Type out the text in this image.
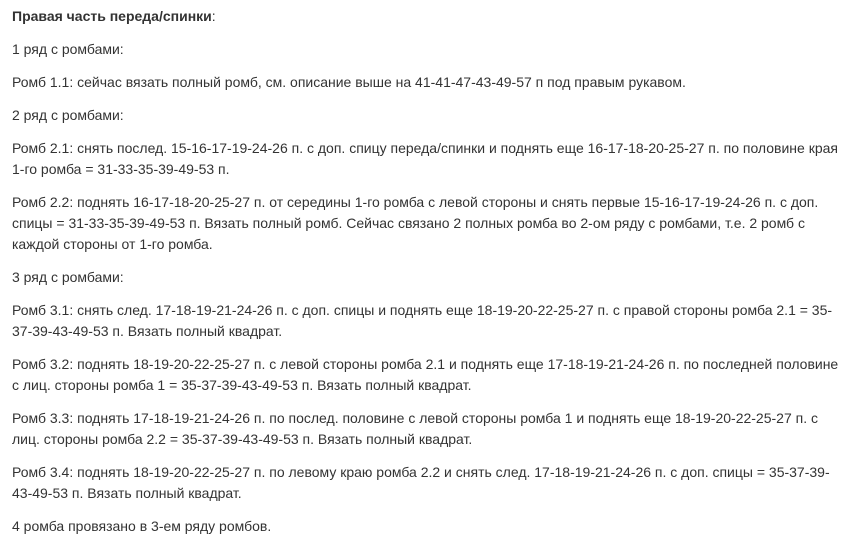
Правая часть переда/спинки:

1 ряд с ромбами:

Ромб 1.1: сейчас вязать полный ромб, см. описание выше на 41-41-47-43-49-57 п под правым рукавом.

2 ряд с ромбами:

Ромб 2.1: снять послед. 15-16-17-19-24-26 п. с доп. спицу переда/спинки и поднять еще 16-17-18-20-25-27 п. по половине края 1-го ромба = 31-33-35-39-49-53 п.

Ромб 2.2: поднять 16-17-18-20-25-27 п. от середины 1-го ромба с левой стороны и снять первые 15-16-17-19-24-26 п. с доп. спицы = 31-33-35-39-49-53 п. Вязать полный ромб. Сейчас связано 2 полных ромба во 2-ом ряду с ромбами, т.е. 2 ромб с каждой стороны от 1-го ромба.

3 ряд с ромбами:

Ромб 3.1: снять след. 17-18-19-21-24-26 п. с доп. спицы и поднять еще 18-19-20-22-25-27 п. с правой стороны ромба 2.1 = 35-37-39-43-49-53 п. Вязать полный квадрат.

Ромб 3.2: поднять 18-19-20-22-25-27 п. с левой стороны ромба 2.1 и поднять еще 17-18-19-21-24-26 п. по последней половине с лиц. стороны ромба 1 = 35-37-39-43-49-53 п. Вязать полный квадрат.

Ромб 3.3: поднять 17-18-19-21-24-26 п. по послед. половине с левой стороны ромба 1 и поднять еще 18-19-20-22-25-27 п. с лиц. стороны ромба 2.2 = 35-37-39-43-49-53 п. Вязать полный квадрат.

Ромб 3.4: поднять 18-19-20-22-25-27 п. по левому краю ромба 2.2 и снять след. 17-18-19-21-24-26 п. с доп. спицы = 35-37-39-43-49-53 п. Вязать полный квадрат.

4 ромба провязано в 3-ем ряду ромбов.
